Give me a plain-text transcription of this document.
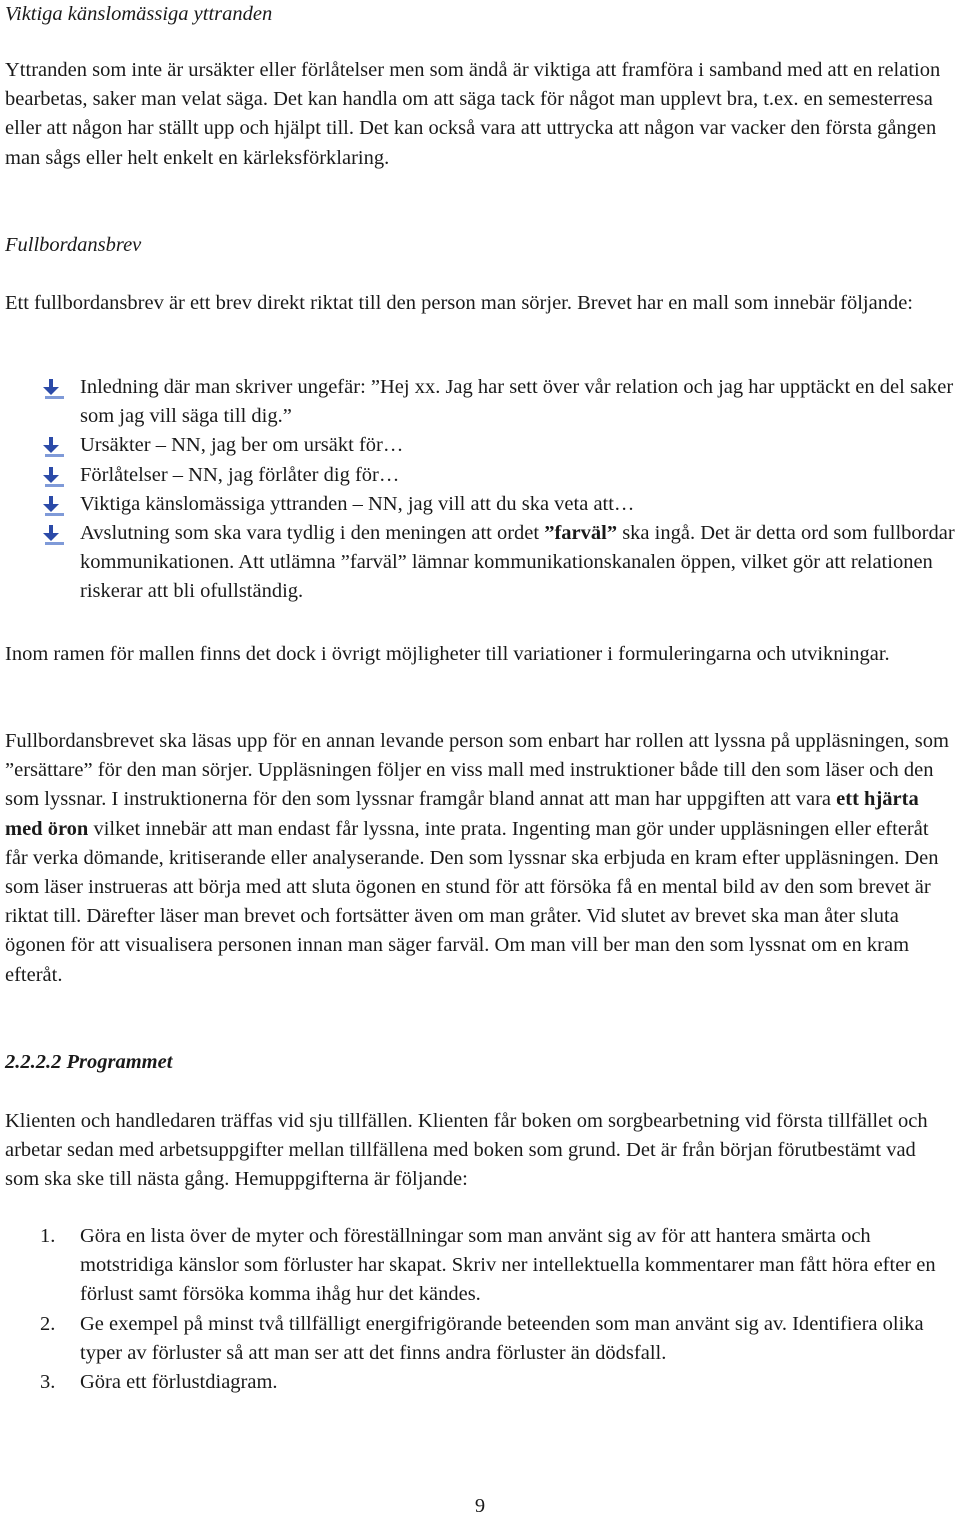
Viktiga känslomässiga yttranden

Yttranden som inte är ursäkter eller förlåtelser men som ändå är viktiga att framföra i samband med att en relation bearbetas, saker man velat säga. Det kan handla om att säga tack för något man upplevt bra, t.ex. en semesterresa eller att någon har ställt upp och hjälpt till. Det kan också vara att uttrycka att någon var vacker den första gången man sågs eller helt enkelt en kärleksförklaring.

Fullbordansbrev

Ett fullbordansbrev är ett brev direkt riktat till den person man sörjer. Brevet har en mall som innebär följande:

Inledning där man skriver ungefär: ”Hej xx. Jag har sett över vår relation och jag har upptäckt en del saker som jag vill säga till dig.”
Ursäkter – NN, jag ber om ursäkt för…
Förlåtelser – NN, jag förlåter dig för…
Viktiga känslomässiga yttranden – NN, jag vill att du ska veta att…
Avslutning som ska vara tydlig i den meningen att ordet ”farväl” ska ingå. Det är detta ord som fullbordar kommunikationen. Att utlämna ”farväl” lämnar kommunikationskanalen öppen, vilket gör att relationen riskerar att bli ofullständig.

Inom ramen för mallen finns det dock i övrigt möjligheter till variationer i formuleringarna och utvikningar.

Fullbordansbrevet ska läsas upp för en annan levande person som enbart har rollen att lyssna på uppläsningen, som ”ersättare” för den man sörjer. Uppläsningen följer en viss mall med instruktioner både till den som läser och den som lyssnar. I instruktionerna för den som lyssnar framgår bland annat att man har uppgiften att vara ett hjärta med öron vilket innebär att man endast får lyssna, inte prata. Ingenting man gör under uppläsningen eller efteråt får verka dömande, kritiserande eller analyserande. Den som lyssnar ska erbjuda en kram efter uppläsningen. Den som läser instrueras att börja med att sluta ögonen en stund för att försöka få en mental bild av den som brevet är riktat till. Därefter läser man brevet och fortsätter även om man gråter. Vid slutet av brevet ska man åter sluta ögonen för att visualisera personen innan man säger farväl. Om man vill ber man den som lyssnat om en kram efteråt.

2.2.2.2 Programmet

Klienten och handledaren träffas vid sju tillfällen. Klienten får boken om sorgbearbetning vid första tillfället och arbetar sedan med arbetsuppgifter mellan tillfällena med boken som grund. Det är från början förutbestämt vad som ska ske till nästa gång. Hemuppgifterna är följande:

1. Göra en lista över de myter och föreställningar som man använt sig av för att hantera smärta och motstridiga känslor som förluster har skapat. Skriv ner intellektuella kommentarer man fått höra efter en förlust samt försöka komma ihåg hur det kändes.
2. Ge exempel på minst två tillfälligt energifrigörande beteenden som man använt sig av. Identifiera olika typer av förluster så att man ser att det finns andra förluster än dödsfall.
3. Göra ett förlustdiagram.
9
